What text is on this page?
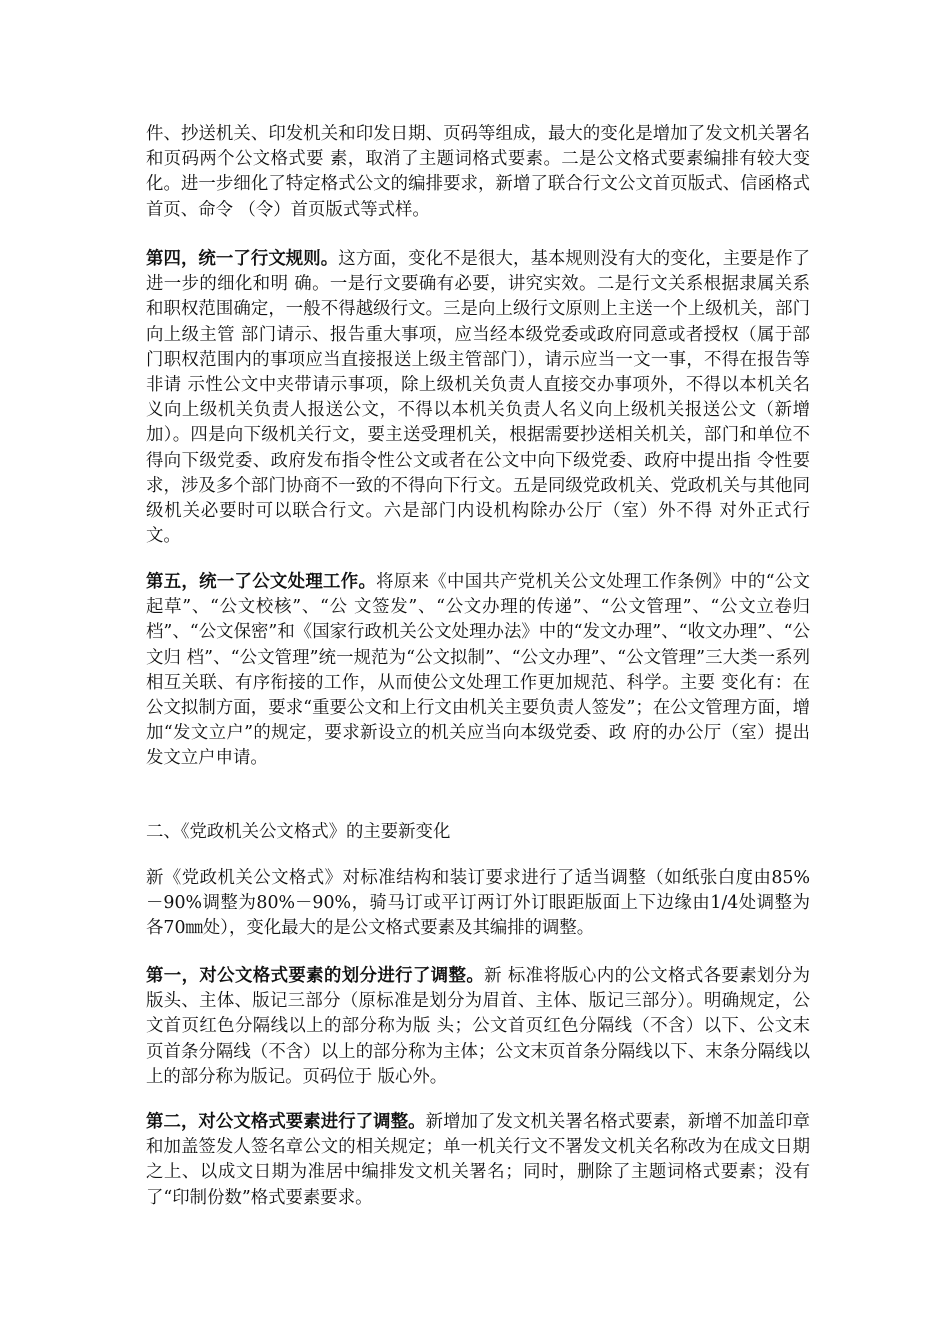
件、抄送机关、印发机关和印发日期、页码等组成，最大的变化是增加了发文机关署名和页码两个公文格式要 素，取消了主题词格式要素。二是公文格式要素编排有较大变化。进一步细化了特定格式公文的编排要求，新增了联合行文公文首页版式、信函格式首页、命令 （令）首页版式等式样。

第四，统一了行文规则。这方面，变化不是很大，基本规则没有大的变化，主要是作了进一步的细化和明 确。一是行文要确有必要，讲究实效。二是行文关系根据隶属关系和职权范围确定，一般不得越级行文。三是向上级行文原则上主送一个上级机关，部门向上级主管 部门请示、报告重大事项，应当经本级党委或政府同意或者授权（属于部门职权范围内的事项应当直接报送上级主管部门），请示应当一文一事，不得在报告等非请 示性公文中夹带请示事项，除上级机关负责人直接交办事项外，不得以本机关名义向上级机关负责人报送公文，不得以本机关负责人名义向上级机关报送公文（新增 加）。四是向下级机关行文，要主送受理机关，根据需要抄送相关机关，部门和单位不得向下级党委、政府发布指令性公文或者在公文中向下级党委、政府中提出指 令性要求，涉及多个部门协商不一致的不得向下行文。五是同级党政机关、党政机关与其他同级机关必要时可以联合行文。六是部门内设机构除办公厅（室）外不得 对外正式行文。

第五，统一了公文处理工作。将原来《中国共产党机关公文处理工作条例》中的“公文起草”、“公文校核”、“公 文签发”、“公文办理的传递”、“公文管理”、“公文立卷归档”、“公文保密”和《国家行政机关公文处理办法》中的“发文办理”、“收文办理”、“公文归 档”、“公文管理”统一规范为“公文拟制”、“公文办理”、“公文管理”三大类一系列相互关联、有序衔接的工作，从而使公文处理工作更加规范、科学。主要 变化有：在公文拟制方面，要求“重要公文和上行文由机关主要负责人签发”；在公文管理方面，增加“发文立户”的规定，要求新设立的机关应当向本级党委、政 府的办公厅（室）提出发文立户申请。

二、《党政机关公文格式》的主要新变化

新《党政机关公文格式》对标准结构和装订要求进行了适当调整（如纸张白度由85%－90%调整为80%－90%，骑马订或平订两订外订眼距版面上下边缘由1/4处调整为各70㎜处），变化最大的是公文格式要素及其编排的调整。

第一，对公文格式要素的划分进行了调整。新 标准将版心内的公文格式各要素划分为版头、主体、版记三部分（原标准是划分为眉首、主体、版记三部分）。明确规定，公文首页红色分隔线以上的部分称为版 头；公文首页红色分隔线（不含）以下、公文末页首条分隔线（不含）以上的部分称为主体；公文末页首条分隔线以下、末条分隔线以上的部分称为版记。页码位于 版心外。

第二，对公文格式要素进行了调整。新增加了发文机关署名格式要素，新增不加盖印章和加盖签发人签名章公文的相关规定；单一机关行文不署发文机关名称改为在成文日期之上、以成文日期为准居中编排发文机关署名；同时，删除了主题词格式要素；没有了“印制份数”格式要素要求。
